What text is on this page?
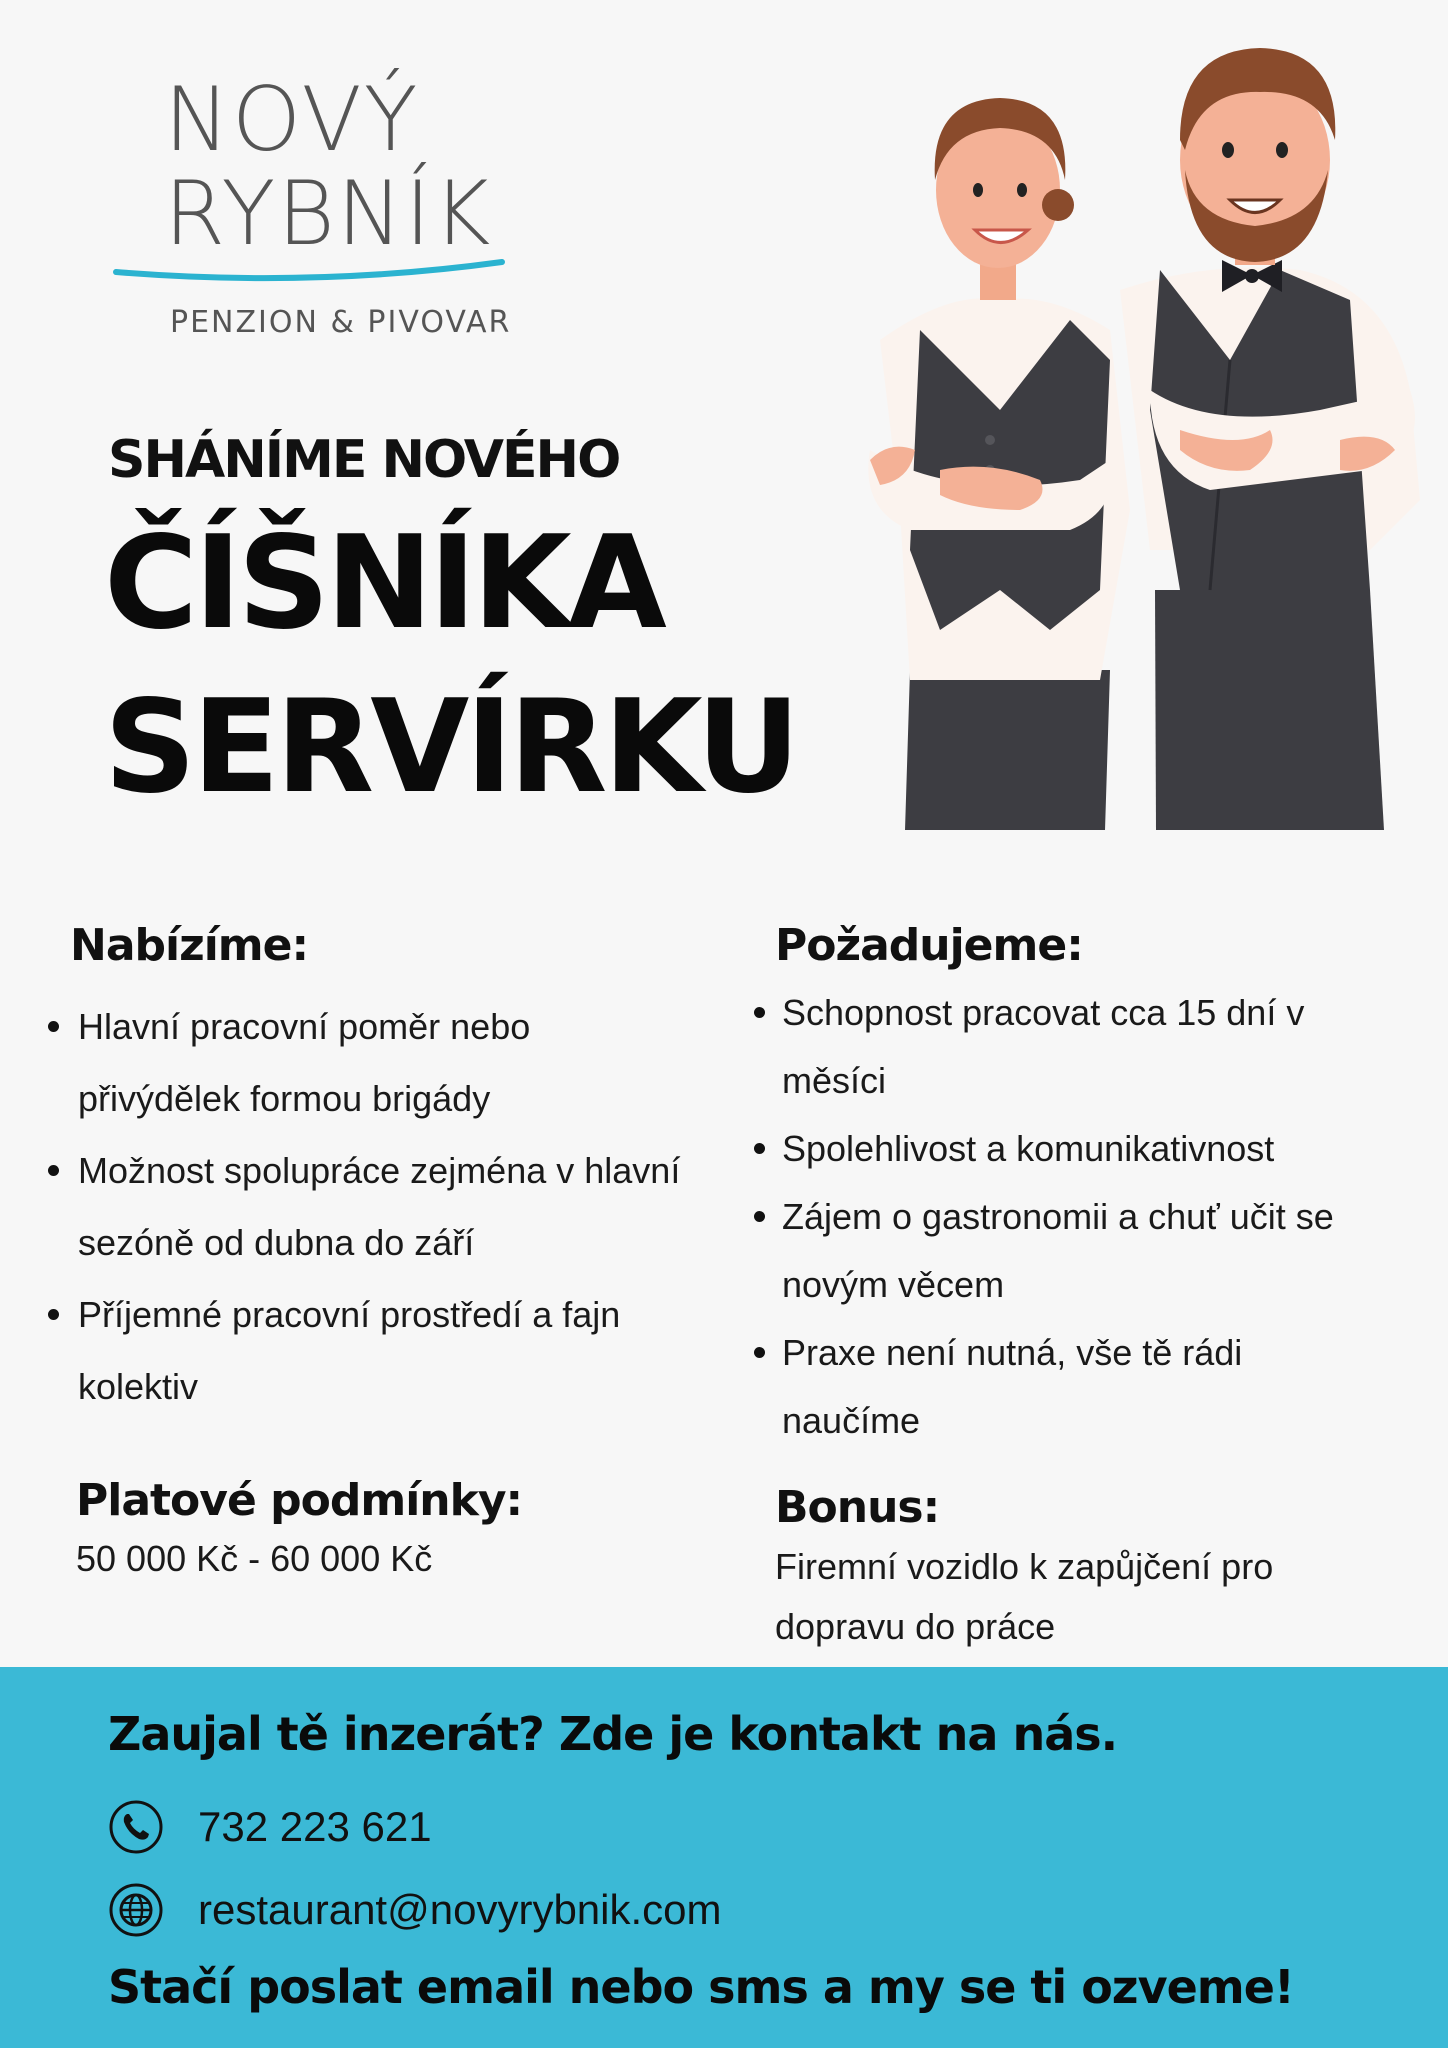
NOVÝ
RYBNÍK
PENZION & PIVOVAR
SHÁNÍME NOVÉHO
ČÍŠNÍKA
SERVÍRKU
Nabízíme:
Hlavní pracovní poměr nebo přivýdělek formou brigády
Možnost spolupráce zejména v hlavní sezóně od dubna do září
Příjemné pracovní prostředí a fajn kolektiv
Požadujeme:
Schopnost pracovat cca 15 dní v měsíci
Spolehlivost a komunikativnost
Zájem o gastronomii a chuť učit se novým věcem
Praxe není nutná, vše tě rádi naučíme
Platové podmínky:
50 000 Kč - 60 000 Kč
Bonus:
Firemní vozidlo k zapůjčení pro dopravu do práce
Zaujal tě inzerát? Zde je kontakt na nás.
732 223 621
restaurant@novyrybnik.com
Stačí poslat email nebo sms a my se ti ozveme!
